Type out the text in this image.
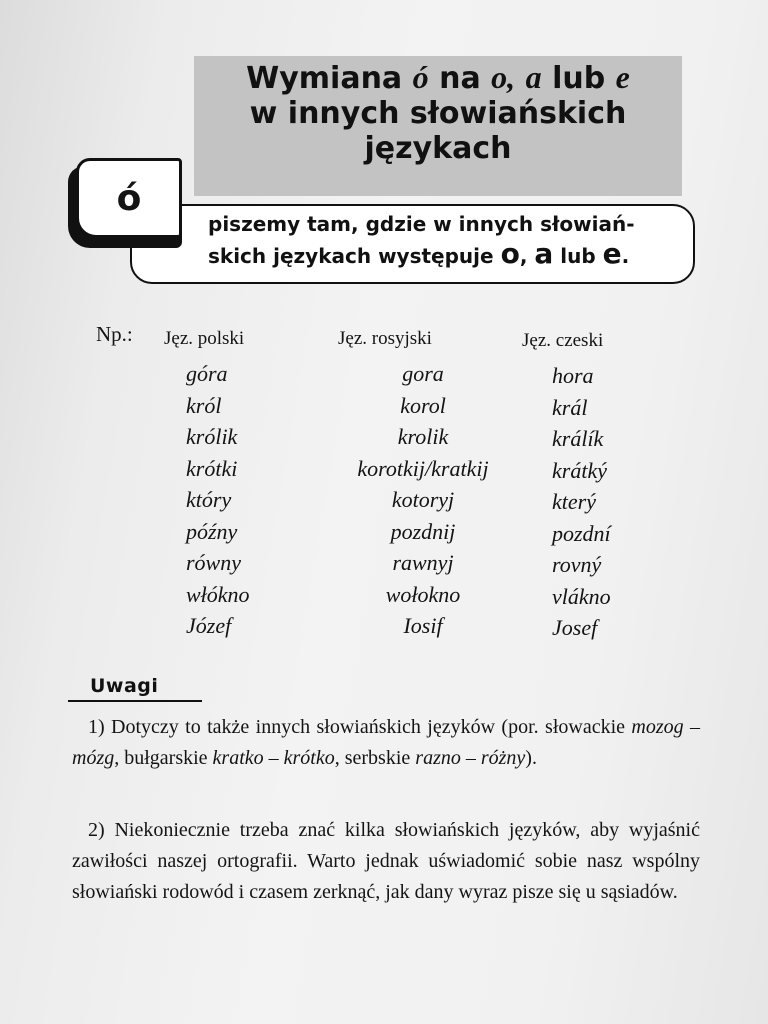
Wymiana ó na o, a lub e
w innych słowiańskich
językach
ó
piszemy tam, gdzie w innych słowiań-skich językach występuje o, a lub e.
Np.: Jęz. polski
góra
król
królik
krótki
który
późny
równy
włókno
Józef
Jęz. rosyjski
gora
korol
krolik
korotkij/kratkij
kotoryj
pozdnij
rawnyj
wołokno
Iosif
Jęz. czeski
hora
král
králík
krátký
který
pozdní
rovný
vlákno
Josef
Uwagi
1) Dotyczy to także innych słowiańskich języków (por. słowackie mozog – mózg, bułgarskie kratko – krótko, serbskie razno – różny).
2) Niekoniecznie trzeba znać kilka słowiańskich języków, aby wyjaśnić zawiłości naszej ortografii. Warto jednak uświadomić sobie nasz wspólny słowiański rodowód i czasem zerknąć, jak dany wyraz pisze się u sąsiadów.
